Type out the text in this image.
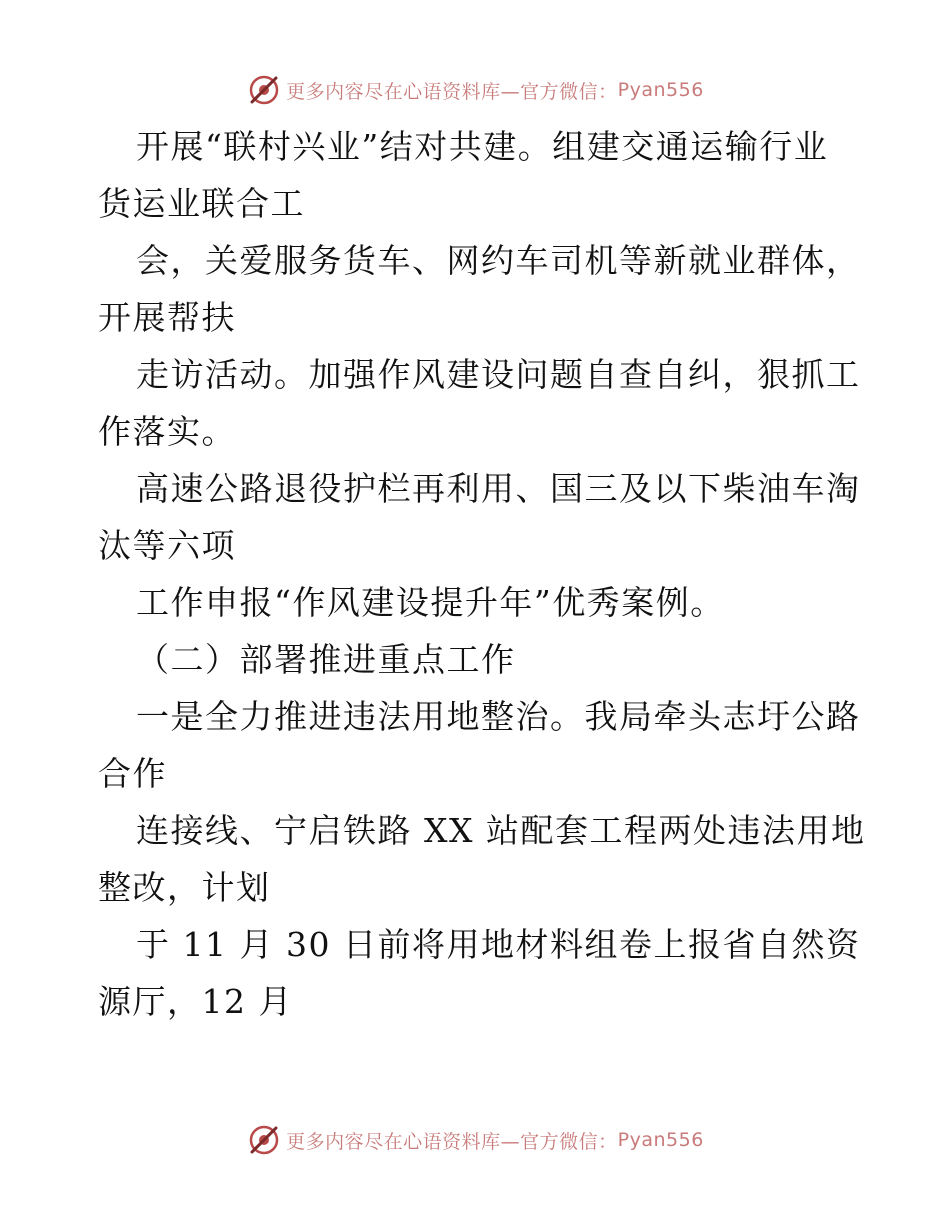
更多内容尽在心语资料库—官方微信： Pyan556
开展“联村兴业”结对共建。组建交通运输行业
货运业联合工
会，关爱服务货车、网约车司机等新就业群体，
开展帮扶
走访活动。加强作风建设问题自查自纠，狠抓工
作落实。
高速公路退役护栏再利用、国三及以下柴油车淘
汰等六项
工作申报“作风建设提升年”优秀案例。
（二）部署推进重点工作
一是全力推进违法用地整治。我局牵头志圩公路
合作
连接线、宁启铁路 XX 站配套工程两处违法用地
整改，计划
于 11 月 30 日前将用地材料组卷上报省自然资
源厅，12 月
更多内容尽在心语资料库—官方微信： Pyan556
